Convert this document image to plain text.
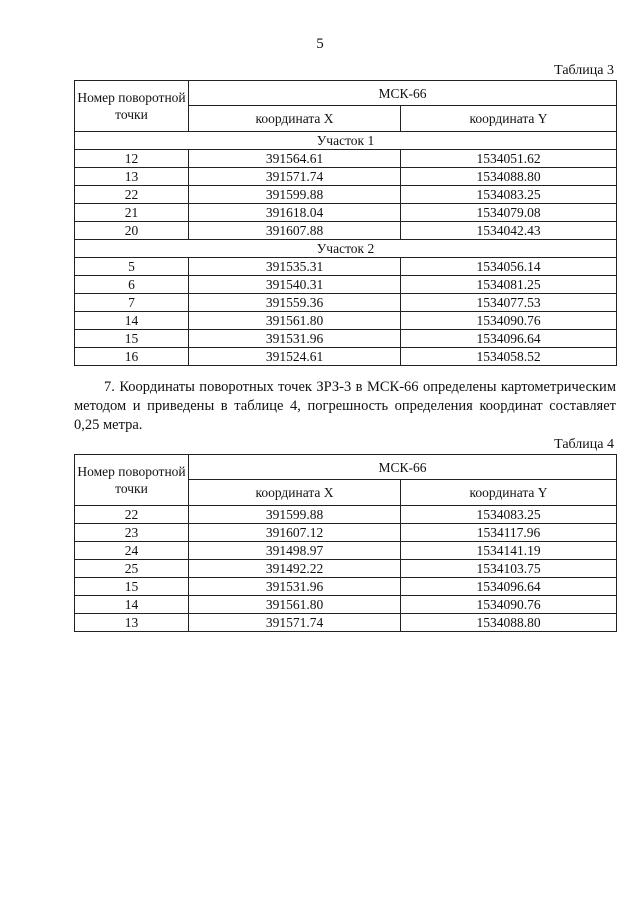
5
Таблица 3
Номер поворотной точки	МСК-66	
	координата X	координата Y
Участок 1		
12	391564.61	1534051.62
13	391571.74	1534088.80
22	391599.88	1534083.25
21	391618.04	1534079.08
20	391607.88	1534042.43
Участок 2		
5	391535.31	1534056.14
6	391540.31	1534081.25
7	391559.36	1534077.53
14	391561.80	1534090.76
15	391531.96	1534096.64
16	391524.61	1534058.52
7. Координаты поворотных точек ЗРЗ-3 в МСК-66 определены картометрическим методом и приведены в таблице 4, погрешность определения координат составляет 0,25 метра.
Таблица 4
Номер поворотной точки	МСК-66	
	координата X	координата Y
22	391599.88	1534083.25
23	391607.12	1534117.96
24	391498.97	1534141.19
25	391492.22	1534103.75
15	391531.96	1534096.64
14	391561.80	1534090.76
13	391571.74	1534088.80
